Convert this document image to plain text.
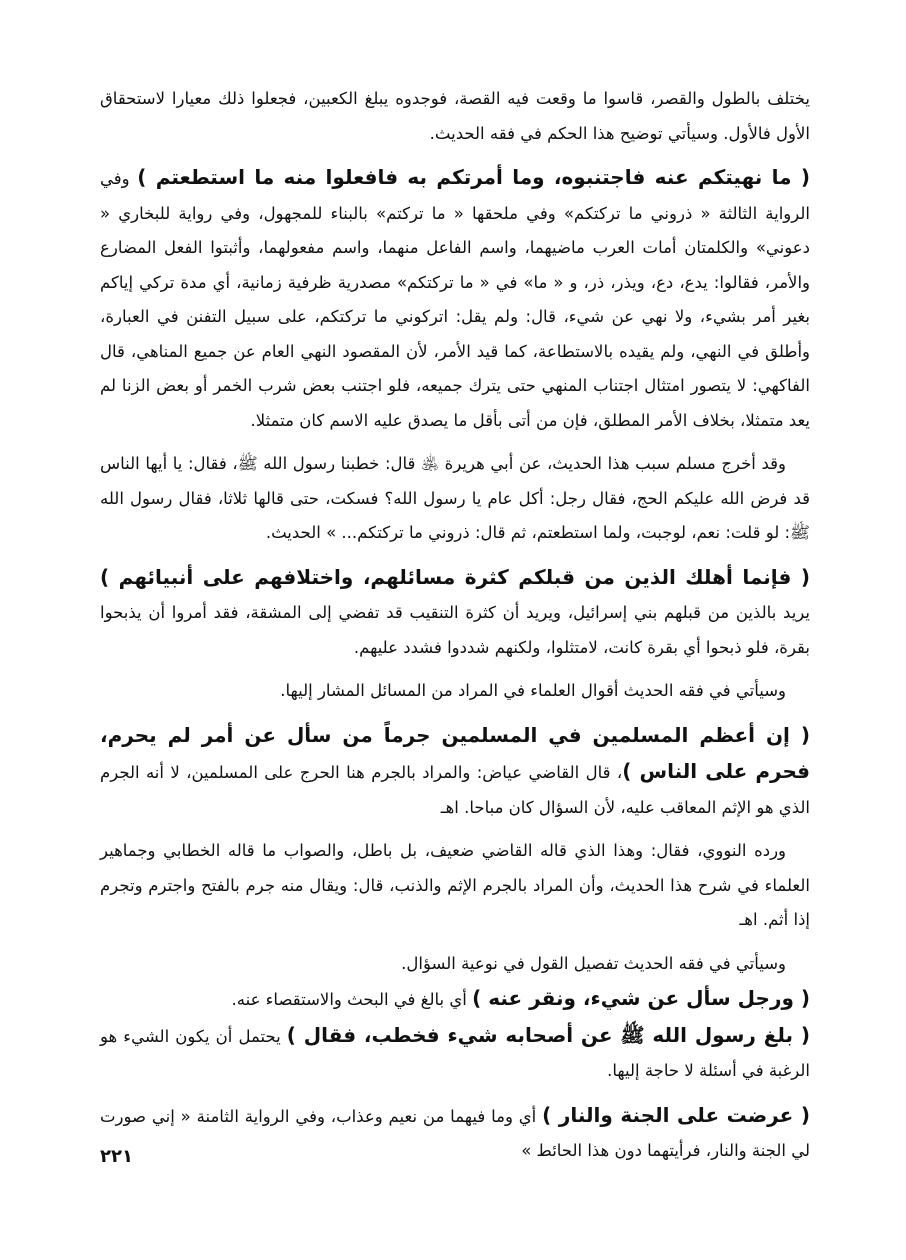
يختلف بالطول والقصر، قاسوا ما وقعت فيه القصة، فوجدوه يبلغ الكعبين، فجعلوا ذلك معيارا لاستحقاق الأول فالأول. وسيأتي توضيح هذا الحكم في فقه الحديث.

( ما نهيتكم عنه فاجتنبوه، وما أمرتكم به فافعلوا منه ما استطعتم ) وفي الرواية الثالثة « ذروني ما تركتكم» وفي ملحقها « ما تركتم» بالبناء للمجهول، وفي رواية للبخاري « دعوني» والكلمتان أمات العرب ماضيهما، واسم الفاعل منهما، واسم مفعولهما، وأثبتوا الفعل المضارع والأمر، فقالوا: يدع، دع، ويذر، ذر، و « ما» في « ما تركتكم» مصدرية ظرفية زمانية، أي مدة تركي إياكم بغير أمر بشيء، ولا نهي عن شيء، قال: ولم يقل: اتركوني ما تركتكم، على سبيل التفنن في العبارة، وأطلق في النهي، ولم يقيده بالاستطاعة، كما قيد الأمر، لأن المقصود النهي العام عن جميع المناهي، قال الفاكهي: لا يتصور امتثال اجتناب المنهي حتى يترك جميعه، فلو اجتنب بعض شرب الخمر أو بعض الزنا لم يعد متمثلا، بخلاف الأمر المطلق، فإن من أتى بأقل ما يصدق عليه الاسم كان متمثلا.

وقد أخرج مسلم سبب هذا الحديث، عن أبي هريرة ﵁ قال: خطبنا رسول الله ﷺ، فقال: يا أيها الناس قد فرض الله عليكم الحج، فقال رجل: أكل عام يا رسول الله؟ فسكت، حتى قالها ثلاثا، فقال رسول الله ﷺ: لو قلت: نعم، لوجبت، ولما استطعتم، ثم قال: ذروني ما تركتكم... » الحديث.

( فإنما أهلك الذين من قبلكم كثرة مسائلهم، واختلافهم على أنبيائهم ) يريد بالذين من قبلهم بني إسرائيل، ويريد أن كثرة التنقيب قد تفضي إلى المشقة، فقد أمروا أن يذبحوا بقرة، فلو ذبحوا أي بقرة كانت، لامتثلوا، ولكنهم شددوا فشدد عليهم.

وسيأتي في فقه الحديث أقوال العلماء في المراد من المسائل المشار إليها.

( إن أعظم المسلمين في المسلمين جرماً من سأل عن أمر لم يحرم، فحرم على الناس )، قال القاضي عياض: والمراد بالجرم هنا الحرج على المسلمين، لا أنه الجرم الذي هو الإثم المعاقب عليه، لأن السؤال كان مباحا. اهـ

ورده النووي، فقال: وهذا الذي قاله القاضي ضعيف، بل باطل، والصواب ما قاله الخطابي وجماهير العلماء في شرح هذا الحديث، وأن المراد بالجرم الإثم والذنب، قال: ويقال منه جرم بالفتح واجترم وتجرم إذا أثم. اهـ

وسيأتي في فقه الحديث تفصيل القول في نوعية السؤال.

( ورجل سأل عن شيء، ونقر عنه ) أي بالغ في البحث والاستقصاء عنه.

( بلغ رسول الله ﷺ عن أصحابه شيء فخطب، فقال ) يحتمل أن يكون الشيء هو الرغبة في أسئلة لا حاجة إليها.

( عرضت على الجنة والنار ) أي وما فيهما من نعيم وعذاب، وفي الرواية الثامنة « إني صورت لي الجنة والنار، فرأيتهما دون هذا الحائط »

٢٢١
